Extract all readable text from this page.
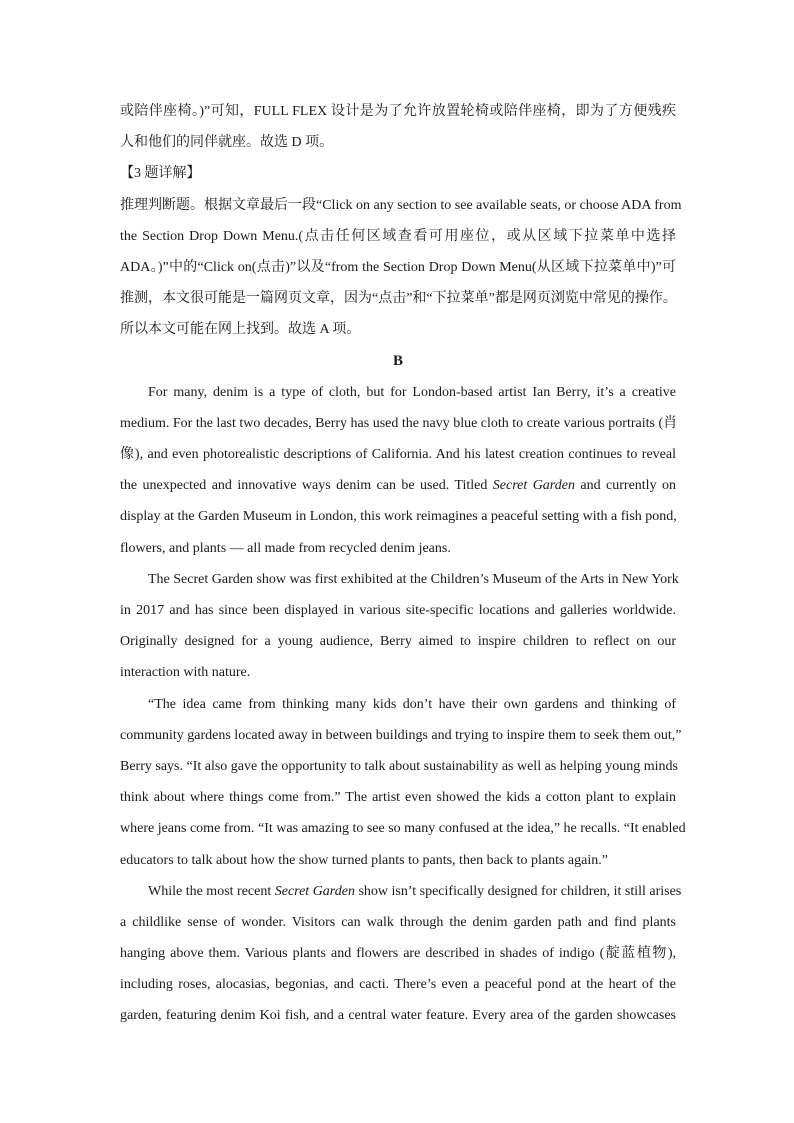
或陪伴座椅。)”可知，FULL FLEX 设计是为了允许放置轮椅或陪伴座椅，即为了方便残疾
人和他们的同伴就座。故选 D 项。
【3 题详解】
推理判断题。根据文章最后一段“Click on any section to see available seats, or choose ADA from
the Section Drop Down Menu.(点击任何区域查看可用座位，或从区域下拉菜单中选择
ADA。)”中的“Click on(点击)”以及“from the Section Drop Down Menu(从区域下拉菜单中)”可
推测，本文很可能是一篇网页文章，因为“点击”和“下拉菜单”都是网页浏览中常见的操作。
所以本文可能在网上找到。故选 A 项。
B
For many, denim is a type of cloth, but for London-based artist Ian Berry, it’s a creative
medium. For the last two decades, Berry has used the navy blue cloth to create various portraits (肖
像), and even photorealistic descriptions of California. And his latest creation continues to reveal
the unexpected and innovative ways denim can be used. Titled Secret Garden and currently on
display at the Garden Museum in London, this work reimagines a peaceful setting with a fish pond,
flowers, and plants — all made from recycled denim jeans.
The Secret Garden show was first exhibited at the Children’s Museum of the Arts in New York
in 2017 and has since been displayed in various site-specific locations and galleries worldwide.
Originally designed for a young audience, Berry aimed to inspire children to reflect on our
interaction with nature.
“The idea came from thinking many kids don’t have their own gardens and thinking of
community gardens located away in between buildings and trying to inspire them to seek them out,”
Berry says. “It also gave the opportunity to talk about sustainability as well as helping young minds
think about where things come from.” The artist even showed the kids a cotton plant to explain
where jeans come from. “It was amazing to see so many confused at the idea,” he recalls. “It enabled
educators to talk about how the show turned plants to pants, then back to plants again.”
While the most recent Secret Garden show isn’t specifically designed for children, it still arises
a childlike sense of wonder. Visitors can walk through the denim garden path and find plants
hanging above them. Various plants and flowers are described in shades of indigo (靛蓝植物),
including roses, alocasias, begonias, and cacti. There’s even a peaceful pond at the heart of the
garden, featuring denim Koi fish, and a central water feature. Every area of the garden showcases
